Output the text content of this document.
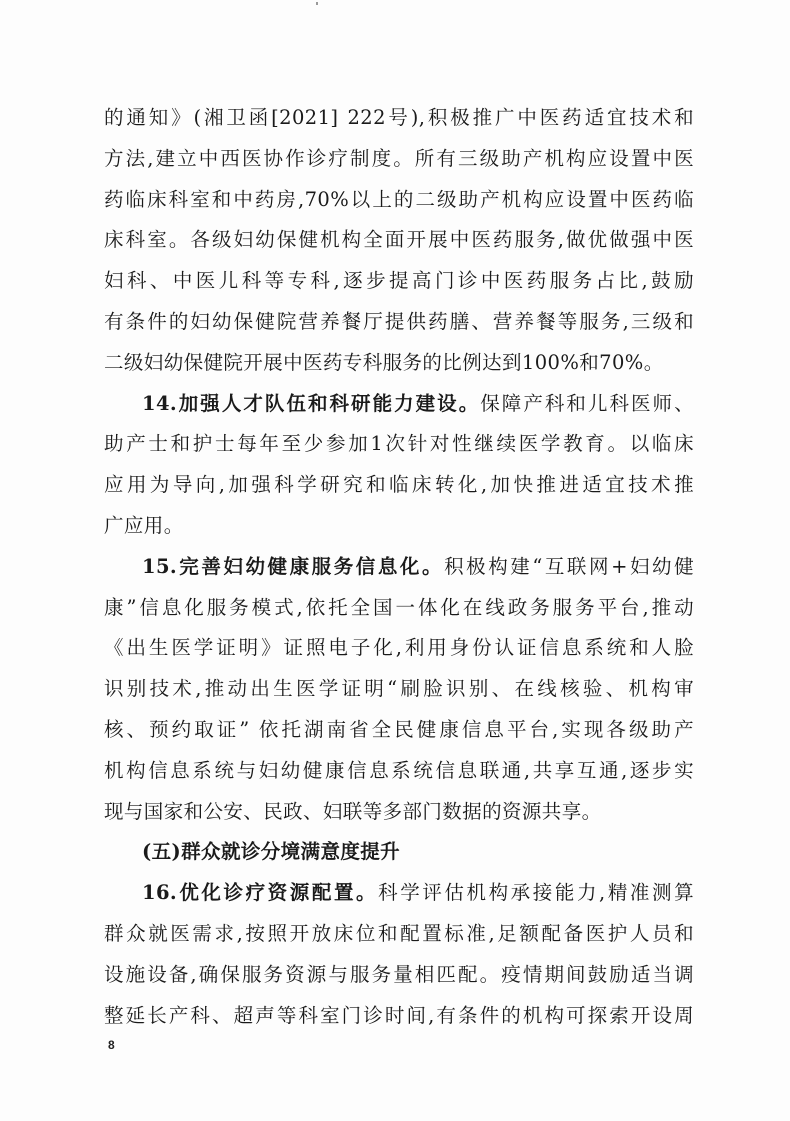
的通知》(湘卫函[2021] 222号),积极推广中医药适宜技术和
方法,建立中西医协作诊疗制度。所有三级助产机构应设置中医
药临床科室和中药房,70%以上的二级助产机构应设置中医药临
床科室。各级妇幼保健机构全面开展中医药服务,做优做强中医
妇科、中医儿科等专科,逐步提高门诊中医药服务占比,鼓励
有条件的妇幼保健院营养餐厅提供药膳、营养餐等服务,三级和
二级妇幼保健院开展中医药专科服务的比例达到100%和70%。
14.加强人才队伍和科研能力建设。保障产科和儿科医师、
助产士和护士每年至少参加1次针对性继续医学教育。以临床
应用为导向,加强科学研究和临床转化,加快推进适宜技术推
广应用。
15.完善妇幼健康服务信息化。积极构建“互联网+妇幼健
康”信息化服务模式,依托全国一体化在线政务服务平台,推动
《出生医学证明》证照电子化,利用身份认证信息系统和人脸
识别技术,推动出生医学证明“刷脸识别、在线核验、机构审
核、预约取证” 依托湖南省全民健康信息平台,实现各级助产
机构信息系统与妇幼健康信息系统信息联通,共享互通,逐步实
现与国家和公安、民政、妇联等多部门数据的资源共享。
(五)群众就诊分境满意度提升
16.优化诊疗资源配置。科学评估机构承接能力,精准测算
群众就医需求,按照开放床位和配置标准,足额配备医护人员和
设施设备,确保服务资源与服务量相匹配。疫情期间鼓励适当调
整延长产科、超声等科室门诊时间,有条件的机构可探索开设周
8
